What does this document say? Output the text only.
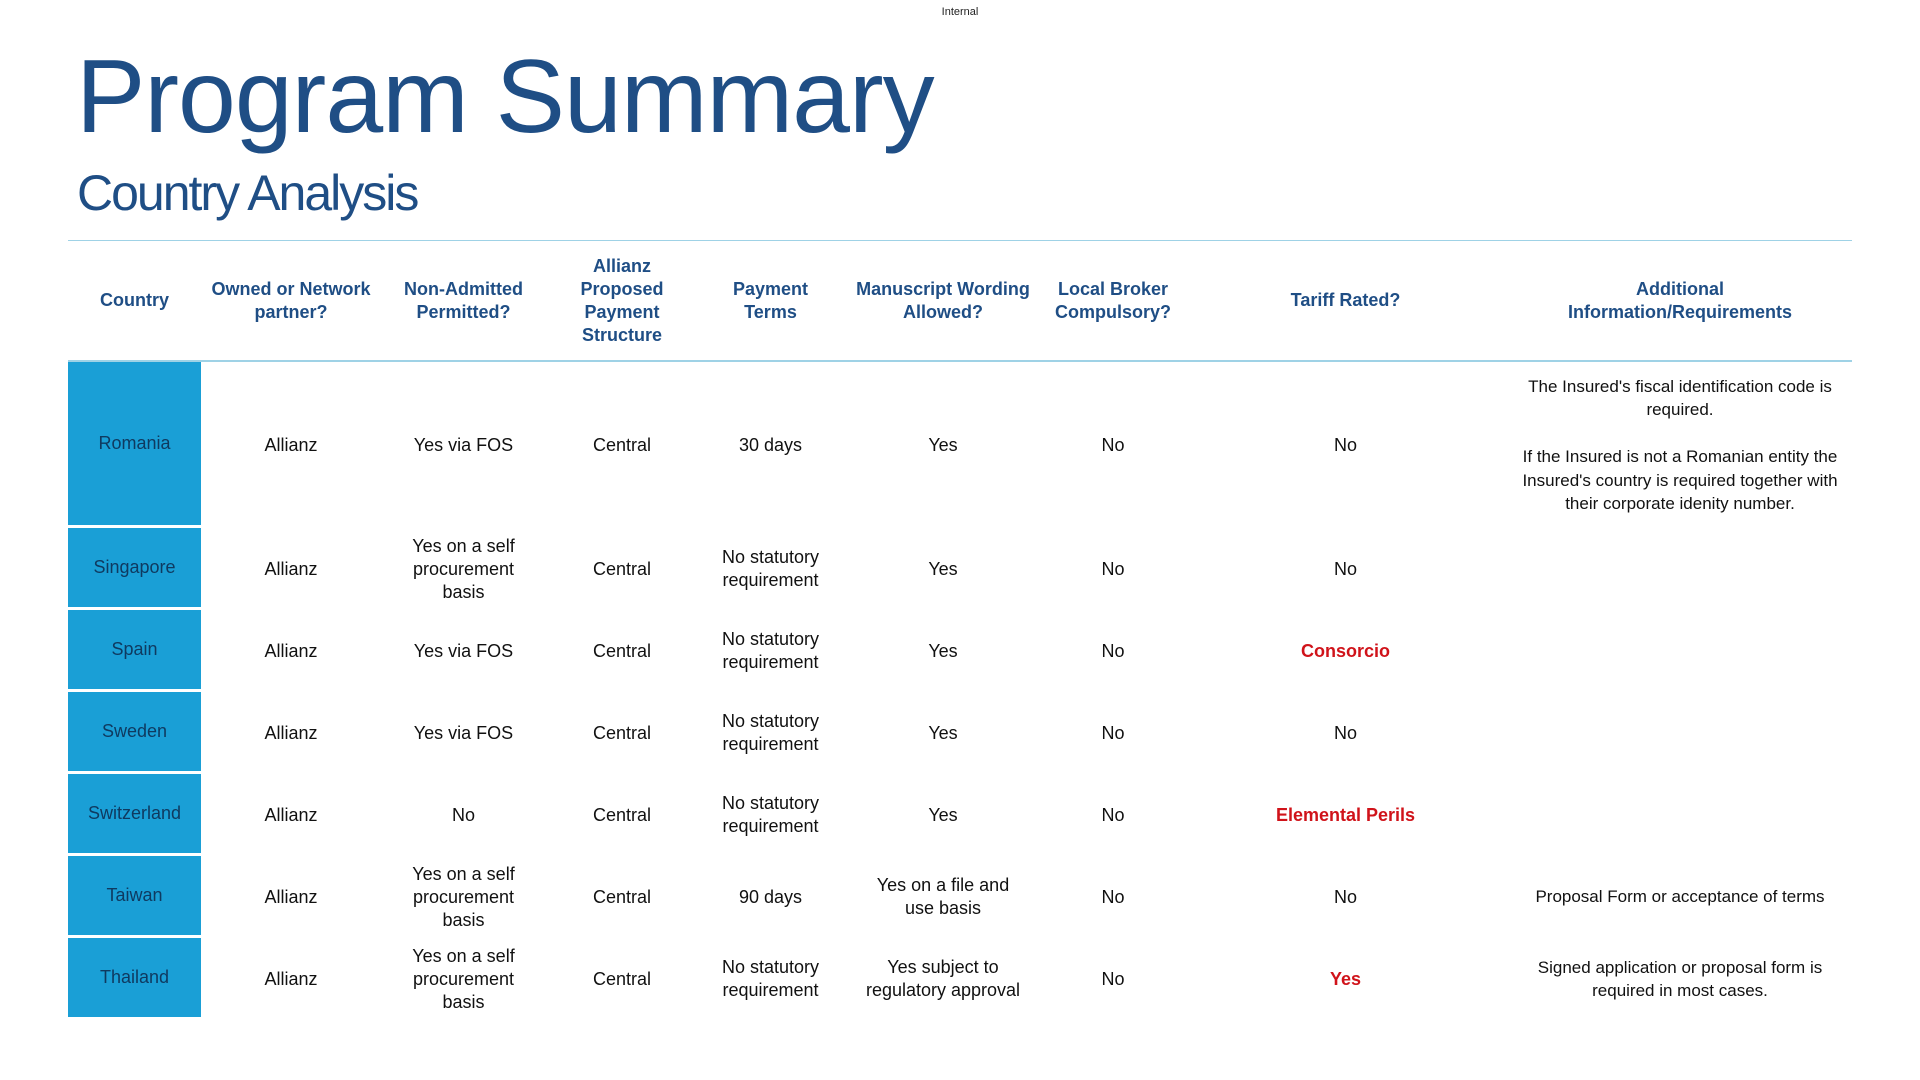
Internal
Program Summary
Country Analysis
Country	Owned or Network partner?	Non-Admitted Permitted?	Allianz Proposed Payment Structure	Payment Terms	Manuscript Wording Allowed?	Local Broker Compulsory?	Tariff Rated?	Additional Information/Requirements
Romania	Allianz	Yes via FOS	Central	30 days	Yes	No	No	The Insured's fiscal identification code is required.

If the Insured is not a Romanian entity the Insured's country is required together with their corporate idenity number.
Singapore	Allianz	Yes on a self procurement basis	Central	No statutory requirement	Yes	No	No	
Spain	Allianz	Yes via FOS	Central	No statutory requirement	Yes	No	Consorcio	
Sweden	Allianz	Yes via FOS	Central	No statutory requirement	Yes	No	No	
Switzerland	Allianz	No	Central	No statutory requirement	Yes	No	Elemental Perils	
Taiwan	Allianz	Yes on a self procurement basis	Central	90 days	Yes on a file and use basis	No	No	Proposal Form or acceptance of terms
Thailand	Allianz	Yes on a self procurement basis	Central	No statutory requirement	Yes subject to regulatory approval	No	Yes	Signed application or proposal form is required in most cases.
